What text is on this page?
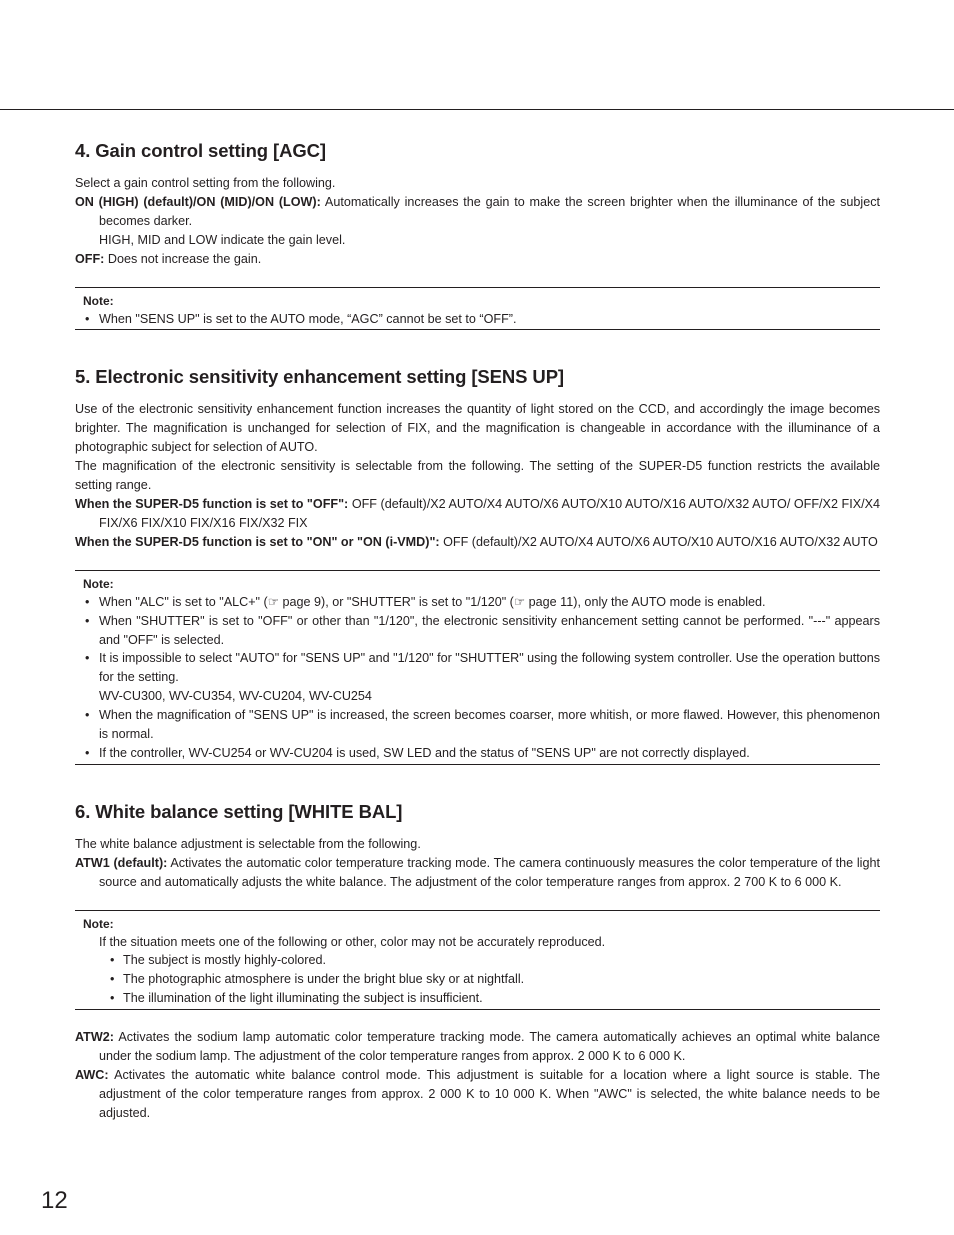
4. Gain control setting [AGC]

Select a gain control setting from the following.

ON (HIGH) (default)/ON (MID)/ON (LOW): Automatically increases the gain to make the screen brighter when the illuminance of the subject becomes darker.

HIGH, MID and LOW indicate the gain level.

OFF: Does not increase the gain.

Note:
• When "SENS UP" is set to the AUTO mode, “AGC” cannot be set to “OFF”.
5. Electronic sensitivity enhancement setting [SENS UP]

Use of the electronic sensitivity enhancement function increases the quantity of light stored on the CCD, and accordingly the image becomes brighter. The magnification is unchanged for selection of FIX, and the magnification is changeable in accordance with the illuminance of a photographic subject for selection of AUTO.

The magnification of the electronic sensitivity is selectable from the following. The setting of the SUPER-D5 function restricts the available setting range.

When the SUPER-D5 function is set to "OFF": OFF (default)/X2 AUTO/X4 AUTO/X6 AUTO/X10 AUTO/X16 AUTO/X32 AUTO/ OFF/X2 FIX/X4 FIX/X6 FIX/X10 FIX/X16 FIX/X32 FIX

When the SUPER-D5 function is set to "ON" or "ON (i-VMD)": OFF (default)/X2 AUTO/X4 AUTO/X6 AUTO/X10 AUTO/X16 AUTO/X32 AUTO

Note:
• When "ALC" is set to "ALC+" (☞ page 9), or "SHUTTER" is set to "1/120" (☞ page 11), only the AUTO mode is enabled.
• When "SHUTTER" is set to "OFF" or other than "1/120", the electronic sensitivity enhancement setting cannot be performed. "---" appears and "OFF" is selected.
• It is impossible to select "AUTO" for "SENS UP" and "1/120" for "SHUTTER" using the following system controller. Use the operation buttons for the setting.
WV-CU300, WV-CU354, WV-CU204, WV-CU254
• When the magnification of "SENS UP" is increased, the screen becomes coarser, more whitish, or more flawed. However, this phenomenon is normal.
• If the controller, WV-CU254 or WV-CU204 is used, SW LED and the status of "SENS UP" are not correctly displayed.
6. White balance setting [WHITE BAL]

The white balance adjustment is selectable from the following.

ATW1 (default): Activates the automatic color temperature tracking mode. The camera continuously measures the color temperature of the light source and automatically adjusts the white balance. The adjustment of the color temperature ranges from approx. 2 700 K to 6 000 K.

Note:
If the situation meets one of the following or other, color may not be accurately reproduced.
• The subject is mostly highly-colored.
• The photographic atmosphere is under the bright blue sky or at nightfall.
• The illumination of the light illuminating the subject is insufficient.

ATW2: Activates the sodium lamp automatic color temperature tracking mode. The camera automatically achieves an optimal white balance under the sodium lamp. The adjustment of the color temperature ranges from approx. 2 000 K to 6 000 K.

AWC: Activates the automatic white balance control mode. This adjustment is suitable for a location where a light source is stable. The adjustment of the color temperature ranges from approx. 2 000 K to 10 000 K. When "AWC" is selected, the white balance needs to be adjusted.

12
